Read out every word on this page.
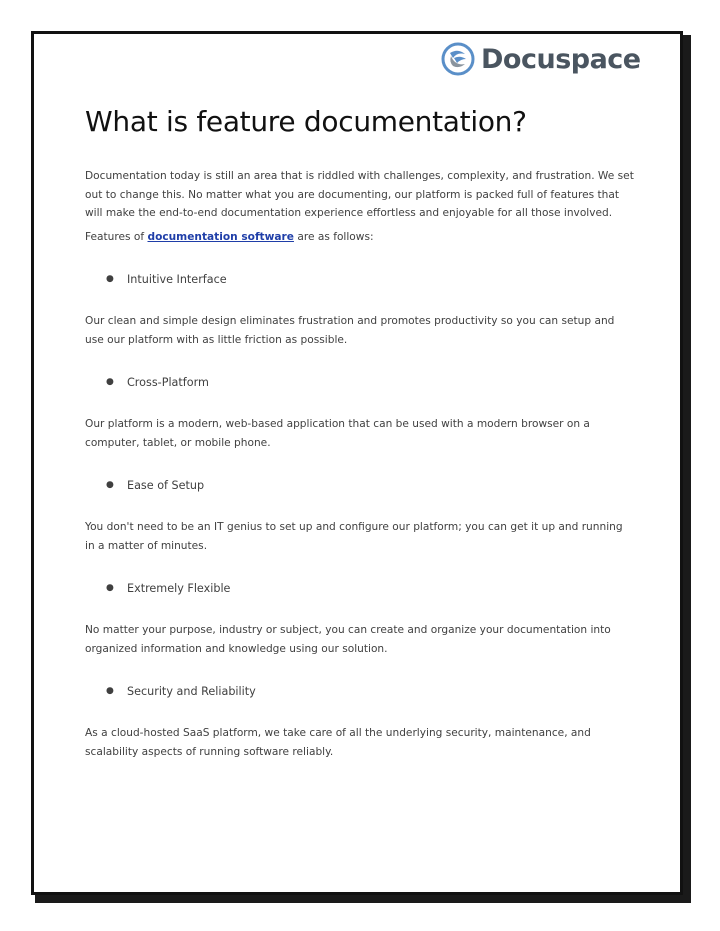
Docuspace
What is feature documentation?

Documentation today is still an area that is riddled with challenges, complexity, and frustration. We set out to change this. No matter what you are documenting, our platform is packed full of features that will make the end-to-end documentation experience effortless and enjoyable for all those involved.

Features of documentation software are as follows:

●	Intuitive Interface

Our clean and simple design eliminates frustration and promotes productivity so you can setup and use our platform with as little friction as possible.

●	Cross-Platform

Our platform is a modern, web-based application that can be used with a modern browser on a computer, tablet, or mobile phone.

●	Ease of Setup

You don't need to be an IT genius to set up and configure our platform; you can get it up and running in a matter of minutes.

●	Extremely Flexible

No matter your purpose, industry or subject, you can create and organize your documentation into organized information and knowledge using our solution.

●	Security and Reliability

As a cloud-hosted SaaS platform, we take care of all the underlying security, maintenance, and scalability aspects of running software reliably.
